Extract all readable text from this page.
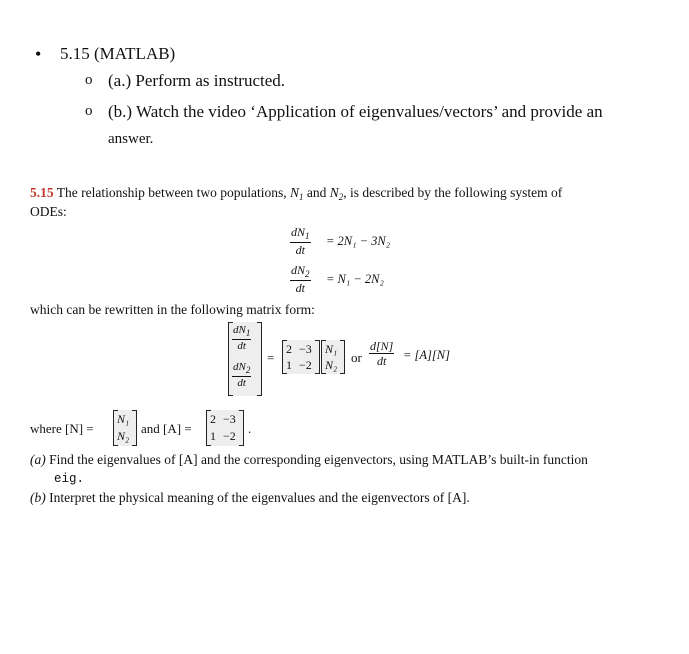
• 5.15 (MATLAB)
o (a.) Perform as instructed.
o (b.) Watch the video ‘Application of eigenvalues/vectors’ and provide an
answer.
5.15 The relationship between two populations, $N_1$ and $N_2$, is described by the following system of
ODEs:
$\frac{dN_1}{dt} = 2N_1 - 3N_2$
$\frac{dN_2}{dt} = N_1 - 2N_2$
which can be rewritten in the following matrix form:
$\frac{dN_1}{dt}$
$\frac{dN_2}{dt}$
=
2 −3
1 −2
N₁
N₂ or $\frac{d[N]}{dt} = [A][N]$
where [N] =
N₁
N₂ and [A] =
2 −3
1 −2 .
(a) Find the eigenvalues of [A] and the corresponding eigenvectors, using MATLAB’s built-in function
eig.
(b) Interpret the physical meaning of the eigenvalues and the eigenvectors of [A].
